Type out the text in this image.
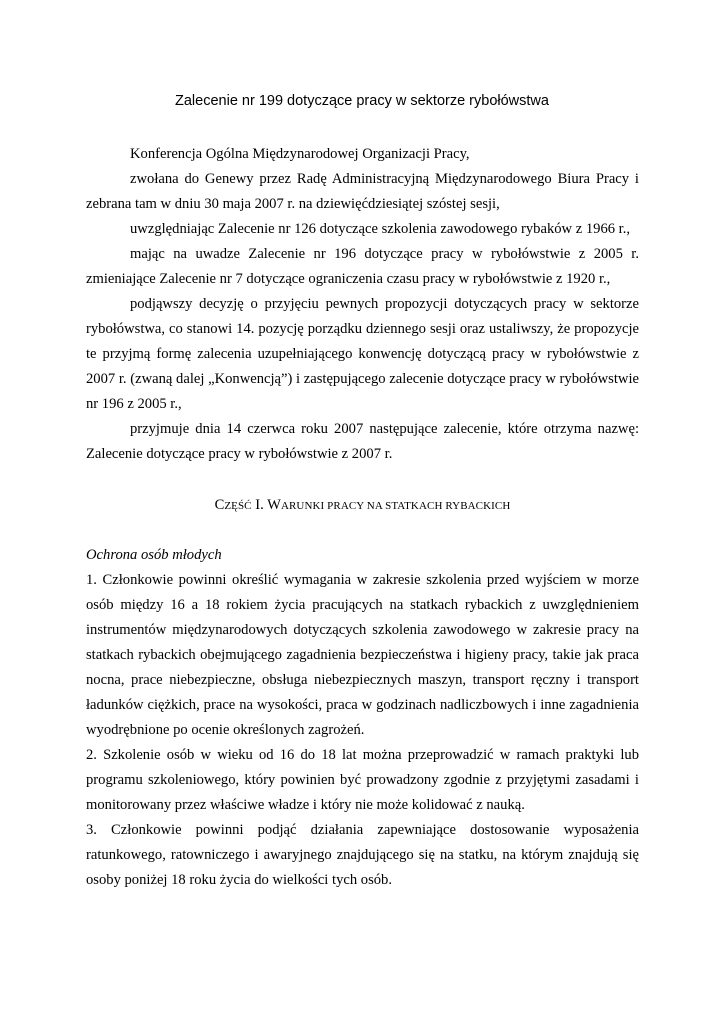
Zalecenie nr 199 dotyczące pracy w sektorze rybołówstwa

Konferencja Ogólna Międzynarodowej Organizacji Pracy,

zwołana do Genewy przez Radę Administracyjną Międzynarodowego Biura Pracy i zebrana tam w dniu 30 maja 2007 r. na dziewięćdziesiątej szóstej sesji,

uwzględniając Zalecenie nr 126 dotyczące szkolenia zawodowego rybaków z 1966 r.,

mając na uwadze Zalecenie nr 196 dotyczące pracy w rybołówstwie z 2005 r. zmieniające Zalecenie nr 7 dotyczące ograniczenia czasu pracy w rybołówstwie z 1920 r.,

podjąwszy decyzję o przyjęciu pewnych propozycji dotyczących pracy w sektorze rybołówstwa, co stanowi 14. pozycję porządku dziennego sesji oraz ustaliwszy, że propozycje te przyjmą formę zalecenia uzupełniającego konwencję dotyczącą pracy w rybołówstwie z 2007 r. (zwaną dalej „Konwencją”) i zastępującego zalecenie dotyczące pracy w rybołówstwie nr 196 z 2005 r.,

przyjmuje dnia 14 czerwca roku 2007 następujące zalecenie, które otrzyma nazwę: Zalecenie dotyczące pracy w rybołówstwie z 2007 r.

CZĘŚĆ I. WARUNKI PRACY NA STATKACH RYBACKICH

Ochrona osób młodych

1. Członkowie powinni określić wymagania w zakresie szkolenia przed wyjściem w morze osób między 16 a 18 rokiem życia pracujących na statkach rybackich z uwzględnieniem instrumentów międzynarodowych dotyczących szkolenia zawodowego w zakresie pracy na statkach rybackich obejmującego zagadnienia bezpieczeństwa i higieny pracy, takie jak praca nocna, prace niebezpieczne, obsługa niebezpiecznych maszyn, transport ręczny i transport ładunków ciężkich, prace na wysokości, praca w godzinach nadliczbowych i inne zagadnienia wyodrębnione po ocenie określonych zagrożeń.

2. Szkolenie osób w wieku od 16 do 18 lat można przeprowadzić w ramach praktyki lub programu szkoleniowego, który powinien być prowadzony zgodnie z przyjętymi zasadami i monitorowany przez właściwe władze i który nie może kolidować z nauką.

3. Członkowie powinni podjąć działania zapewniające dostosowanie wyposażenia ratunkowego, ratowniczego i awaryjnego znajdującego się na statku, na którym znajdują się osoby poniżej 18 roku życia do wielkości tych osób.
